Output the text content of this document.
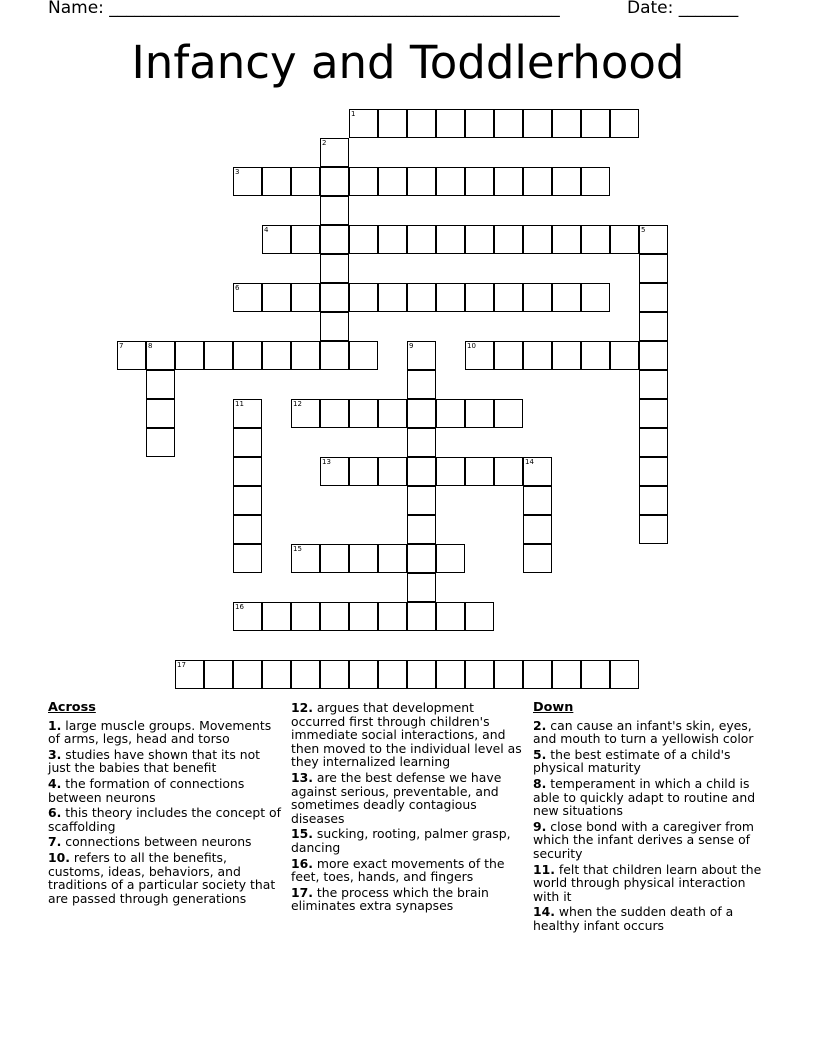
Name: _____________________________________________________	Date: _______
Infancy and Toddlerhood
1
2
3
4	5
6
7	8	9	10
11	12
13	14
15
16
17
Across
1. large muscle groups. Movements of arms, legs, head and torso
3. studies have shown that its not just the babies that benefit
4. the formation of connections between neurons
6. this theory includes the concept of scaffolding
7. connections between neurons
10. refers to all the benefits, customs, ideas, behaviors, and traditions of a particular society that are passed through generations
12. argues that development occurred first through children's immediate social interactions, and then moved to the individual level as they internalized learning
13. are the best defense we have against serious, preventable, and sometimes deadly contagious diseases
15. sucking, rooting, palmer grasp, dancing
16. more exact movements of the feet, toes, hands, and fingers
17. the process which the brain eliminates extra synapses
Down
2. can cause an infant's skin, eyes, and mouth to turn a yellowish color
5. the best estimate of a child's physical maturity
8. temperament in which a child is able to quickly adapt to routine and new situations
9. close bond with a caregiver from which the infant derives a sense of security
11. felt that children learn about the world through physical interaction with it
14. when the sudden death of a healthy infant occurs
